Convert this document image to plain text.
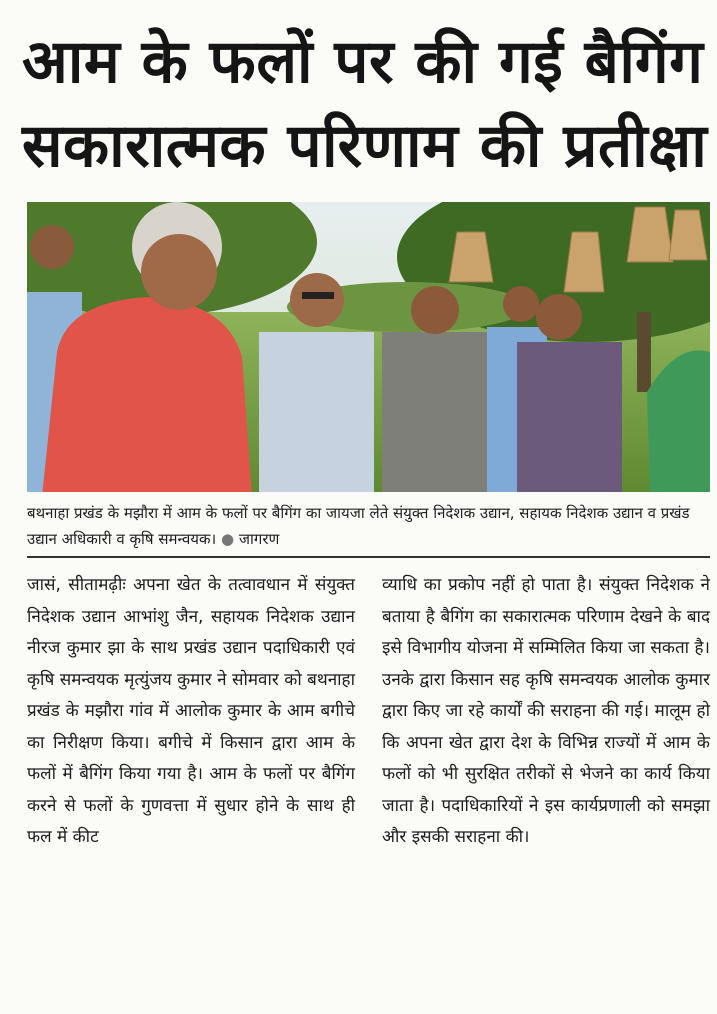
आम के फलों पर की गई बैगिंग
सकारात्मक परिणाम की प्रतीक्षा
बथनाहा प्रखंड के मझौरा में आम के फलों पर बैगिंग का जायजा लेते संयुक्त निदेशक उद्यान, सहायक निदेशक उद्यान व प्रखंड उद्यान अधिकारी व कृषि समन्वयक। ● जागरण
जासं, सीतामढ़ीः अपना खेत के तत्वावधान में संयुक्त निदेशक उद्यान आभांशु जैन, सहायक निदेशक उद्यान नीरज कुमार झा के साथ प्रखंड उद्यान पदाधिकारी एवं कृषि समन्वयक मृत्युंजय कुमार ने सोमवार को बथनाहा प्रखंड के मझौरा गांव में आलोक कुमार के आम बगीचे का निरीक्षण किया। बगीचे में किसान द्वारा आम के फलों में बैगिंग किया गया है। आम के फलों पर बैगिंग करने से फलों के गुणवत्ता में सुधार होने के साथ ही फल में कीट
व्याधि का प्रकोप नहीं हो पाता है। संयुक्त निदेशक ने बताया है बैगिंग का सकारात्मक परिणाम देखने के बाद इसे विभागीय योजना में सम्मिलित किया जा सकता है। उनके द्वारा किसान सह कृषि समन्वयक आलोक कुमार द्वारा किए जा रहे कार्यों की सराहना की गई। मालूम हो कि अपना खेत द्वारा देश के विभिन्न राज्यों में आम के फलों को भी सुरक्षित तरीकों से भेजने का कार्य किया जाता है। पदाधिकारियों ने इस कार्यप्रणाली को समझा और इसकी सराहना की।
